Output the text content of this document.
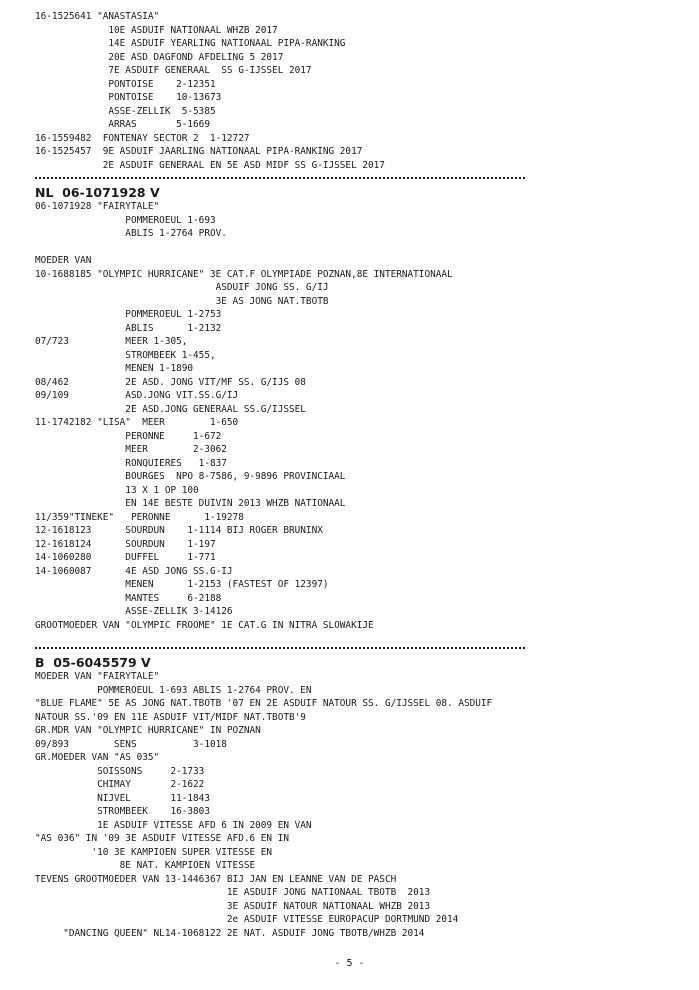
16-1525641 "ANASTASIA"
10E ASDUIF NATIONAAL WHZB 2017
14E ASDUIF YEARLING NATIONAAL PIPA-RANKING
20E ASD DAGFOND AFDELING 5 2017
7E ASDUIF GENERAAL  SS G-IJSSEL 2017
PONTOISE    2-12351
PONTOISE    10-13673
ASSE-ZELLIK  5-5385
ARRAS       5-1669
16-1559482  FONTENAY SECTOR 2  1-12727
16-1525457  9E ASDUIF JAARLING NATIONAAL PIPA-RANKING 2017
2E ASDUIF GENERAAL EN 5E ASD MIDF SS G-IJSSEL 2017
NL  06-1071928 V
06-1071928 "FAIRYTALE"
POMMEROEUL 1-693
ABLIS 1-2764 PROV.
MOEDER VAN
10-1688185 "OLYMPIC HURRICANE" 3E CAT.F OLYMPIADE POZNAN,8E INTERNATIONAAL
ASDUIF JONG SS. G/IJ
3E AS JONG NAT.TBOTB
POMMEROEUL 1-2753
ABLIS      1-2132
07/723          MEER 1-305,
STROMBEEK 1-455,
MENEN 1-1890
08/462          2E ASD. JONG VIT/MF SS. G/IJS 08
09/109          ASD.JONG VIT.SS.G/IJ
2E ASD.JONG GENERAAL SS.G/IJSSEL
11-1742182 "LISA"  MEER        1-650
PERONNE     1-672
MEER        2-3062
RONQUIERES   1-837
BOURGES  NPO 8-7586, 9-9896 PROVINCIAAL
13 X 1 OP 100
EN 14E BESTE DUIVIN 2013 WHZB NATIONAAL
11/359"TINEKE"   PERONNE      1-19278
12-1618123      SOURDUN    1-1114 BIJ ROGER BRUNINX
12-1618124      SOURDUN    1-197
14-1060280      DUFFEL     1-771
14-1060087      4E ASD JONG SS.G-IJ
MENEN      1-2153 (FASTEST OF 12397)
MANTES     6-2188
ASSE-ZELLIK 3-14126
GROOTMOEDER VAN "OLYMPIC FROOME" 1E CAT.G IN NITRA SLOWAKIJE
B  05-6045579 V
MOEDER VAN "FAIRYTALE"
POMMEROEUL 1-693 ABLIS 1-2764 PROV. EN
"BLUE FLAME" 5E AS JONG NAT.TBOTB '07 EN 2E ASDUIF NATOUR SS. G/IJSSEL 08. ASDUIF
NATOUR SS.'09 EN 11E ASDUIF VIT/MIDF NAT.TBOTB'9
GR.MDR VAN "OLYMPIC HURRICANE" IN POZNAN
09/893        SENS          3-1018
GR.MOEDER VAN "AS 035"
SOISSONS     2-1733
CHIMAY       2-1622
NIJVEL       11-1843
STROMBEEK    16-3803
1E ASDUIF VITESSE AFD 6 IN 2009 EN VAN
"AS 036" IN '09 3E ASDUIF VITESSE AFD.6 EN IN
'10 3E KAMPIOEN SUPER VITESSE EN
8E NAT. KAMPIOEN VITESSE
TEVENS GROOTMOEDER VAN 13-1446367 BIJ JAN EN LEANNE VAN DE PASCH
1E ASDUIF JONG NATIONAAL TBOTB  2013
3E ASDUIF NATOUR NATIONAAL WHZB 2013
2e ASDUIF VITESSE EUROPACUP DORTMUND 2014
"DANCING QUEEN" NL14-1068122 2E NAT. ASDUIF JONG TBOTB/WHZB 2014
- 5 -
